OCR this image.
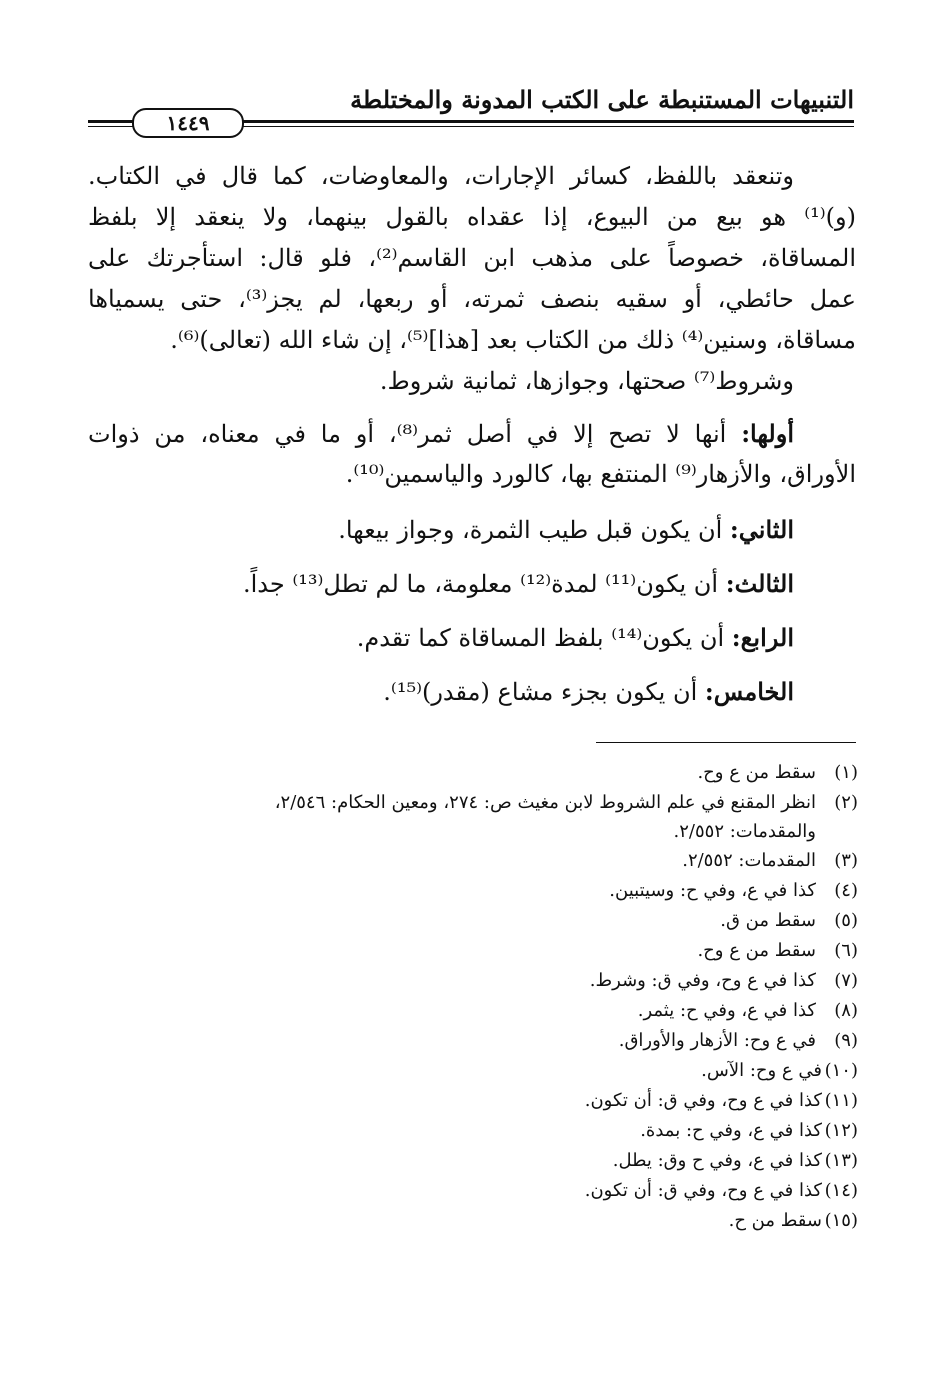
التنبيهات المستنبطة على الكتب المدونة والمختلطة
١٤٤٩
وتنعقد باللفظ، كسائر الإجارات، والمعاوضات، كما قال في الكتاب.
(و)⁽¹⁾ هو بيع من البيوع، إذا عقداه بالقول بينهما، ولا ينعقد إلا بلفظ
المساقاة، خصوصاً على مذهب ابن القاسم⁽²⁾، فلو قال: استأجرتك على
عمل حائطي، أو سقيه بنصف ثمرته، أو ربعها، لم يجز⁽³⁾، حتى يسمياها
مساقاة، وسنين⁽⁴⁾ ذلك من الكتاب بعد [هذا]⁽⁵⁾، إن شاء الله (تعالى)⁽⁶⁾.
وشروط⁽⁷⁾ صحتها، وجوازها، ثمانية شروط.
أولها: أنها لا تصح إلا في أصل ثمر⁽⁸⁾، أو ما في معناه، من ذوات
الأوراق، والأزهار⁽⁹⁾ المنتفع بها، كالورد والياسمين⁽¹⁰⁾.
الثاني: أن يكون قبل طيب الثمرة، وجواز بيعها.
الثالث: أن يكون⁽¹¹⁾ لمدة⁽¹²⁾ معلومة، ما لم تطل⁽¹³⁾ جداً.
الرابع: أن يكون⁽¹⁴⁾ بلفظ المساقاة كما تقدم.
الخامس: أن يكون بجزء مشاع (مقدر)⁽¹⁵⁾.
(١)
سقط من ع وح.
(٢)
انظر المقنع في علم الشروط لابن مغيث ص: ٢٧٤، ومعين الحكام: ٢/٥٤٦،
والمقدمات: ٢/٥٥٢.
(٣)
المقدمات: ٢/٥٥٢.
(٤)
كذا في ع، وفي ح: وسيتبين.
(٥)
سقط من ق.
(٦)
سقط من ع وح.
(٧)
كذا في ع وح، وفي ق: وشرط.
(٨)
كذا في ع، وفي ح: يثمر.
(٩)
في ع وح: الأزهار والأوراق.
(١٠)
في ع وح: الآس.
(١١)
كذا في ع وح، وفي ق: أن تكون.
(١٢)
كذا في ع، وفي ح: بمدة.
(١٣)
كذا في ع، وفي ح وق: يطل.
(١٤)
كذا في ع وح، وفي ق: أن تكون.
(١٥)
سقط من ح.
